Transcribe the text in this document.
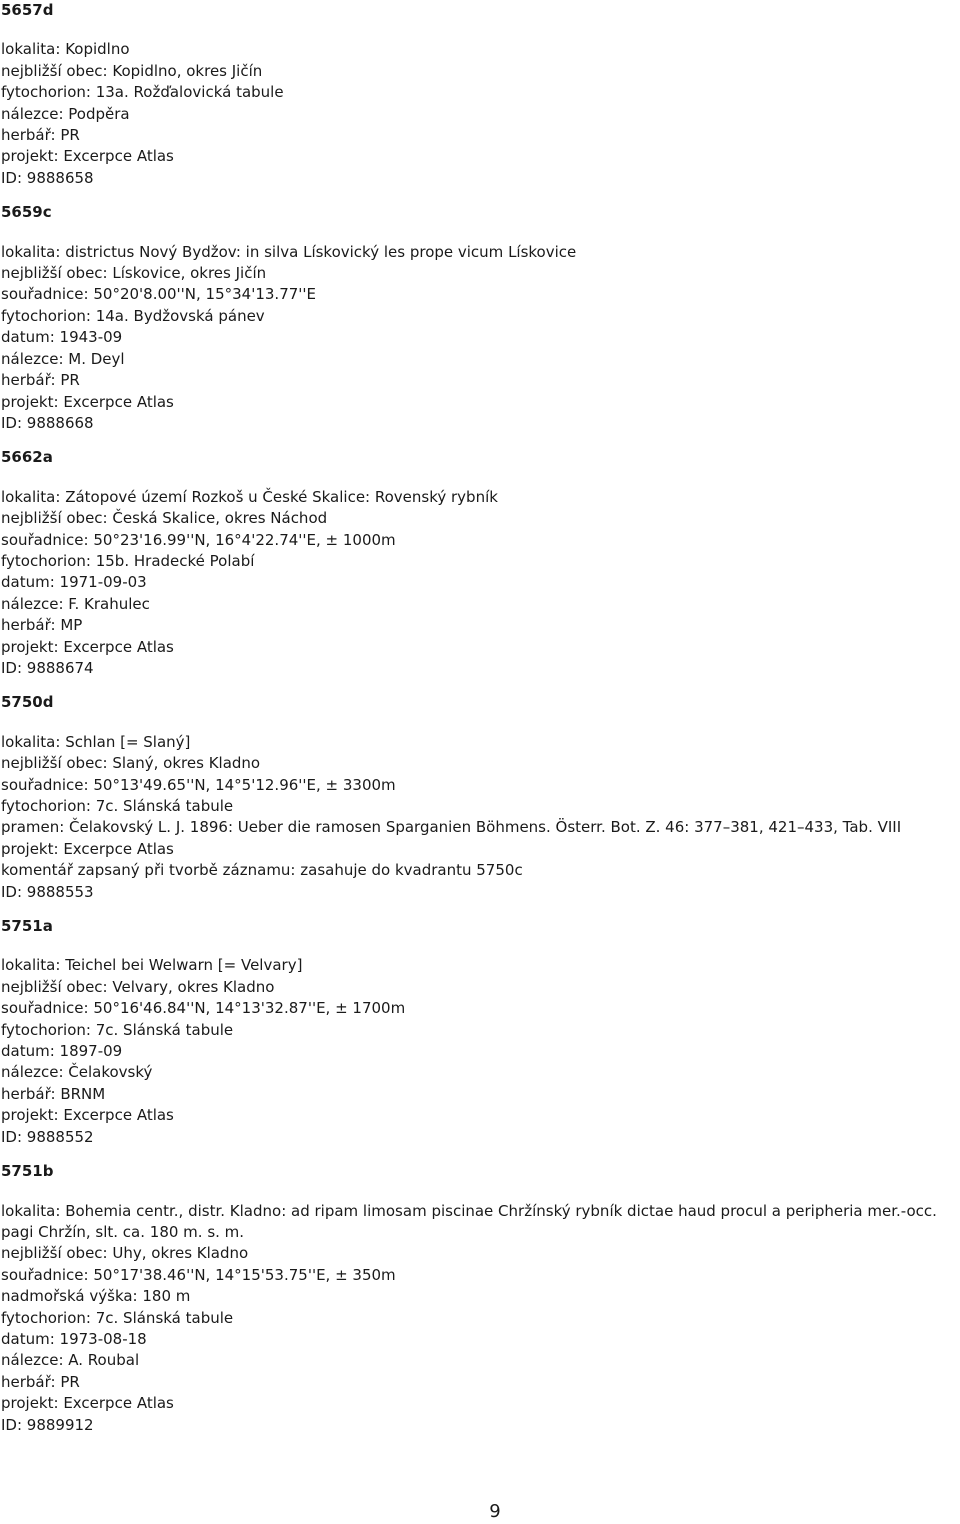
5657d
lokalita: Kopidlno
nejbližší obec: Kopidlno, okres Jičín
fytochorion: 13a. Rožďalovická tabule
nálezce: Podpěra
herbář: PR
projekt: Excerpce Atlas
ID: 9888658
5659c
lokalita: districtus Nový Bydžov: in silva Lískovický les prope vicum Lískovice
nejbližší obec: Lískovice, okres Jičín
souřadnice: 50°20'8.00''N, 15°34'13.77''E
fytochorion: 14a. Bydžovská pánev
datum: 1943-09
nálezce: M. Deyl
herbář: PR
projekt: Excerpce Atlas
ID: 9888668
5662a
lokalita: Zátopové území Rozkoš u České Skalice: Rovenský rybník
nejbližší obec: Česká Skalice, okres Náchod
souřadnice: 50°23'16.99''N, 16°4'22.74''E, ± 1000m
fytochorion: 15b. Hradecké Polabí
datum: 1971-09-03
nálezce: F. Krahulec
herbář: MP
projekt: Excerpce Atlas
ID: 9888674
5750d
lokalita: Schlan [= Slaný]
nejbližší obec: Slaný, okres Kladno
souřadnice: 50°13'49.65''N, 14°5'12.96''E, ± 3300m
fytochorion: 7c. Slánská tabule
pramen: Čelakovský L. J. 1896: Ueber die ramosen Sparganien Böhmens. Österr. Bot. Z. 46: 377–381, 421–433, Tab. VIII
projekt: Excerpce Atlas
komentář zapsaný při tvorbě záznamu: zasahuje do kvadrantu 5750c
ID: 9888553
5751a
lokalita: Teichel bei Welwarn [= Velvary]
nejbližší obec: Velvary, okres Kladno
souřadnice: 50°16'46.84''N, 14°13'32.87''E, ± 1700m
fytochorion: 7c. Slánská tabule
datum: 1897-09
nálezce: Čelakovský
herbář: BRNM
projekt: Excerpce Atlas
ID: 9888552
5751b
lokalita: Bohemia centr., distr. Kladno: ad ripam limosam piscinae Chržínský rybník dictae haud procul a peripheria mer.-occ. pagi Chržín, slt. ca. 180 m. s. m.
nejbližší obec: Uhy, okres Kladno
souřadnice: 50°17'38.46''N, 14°15'53.75''E, ± 350m
nadmořská výška: 180 m
fytochorion: 7c. Slánská tabule
datum: 1973-08-18
nálezce: A. Roubal
herbář: PR
projekt: Excerpce Atlas
ID: 9889912
9
